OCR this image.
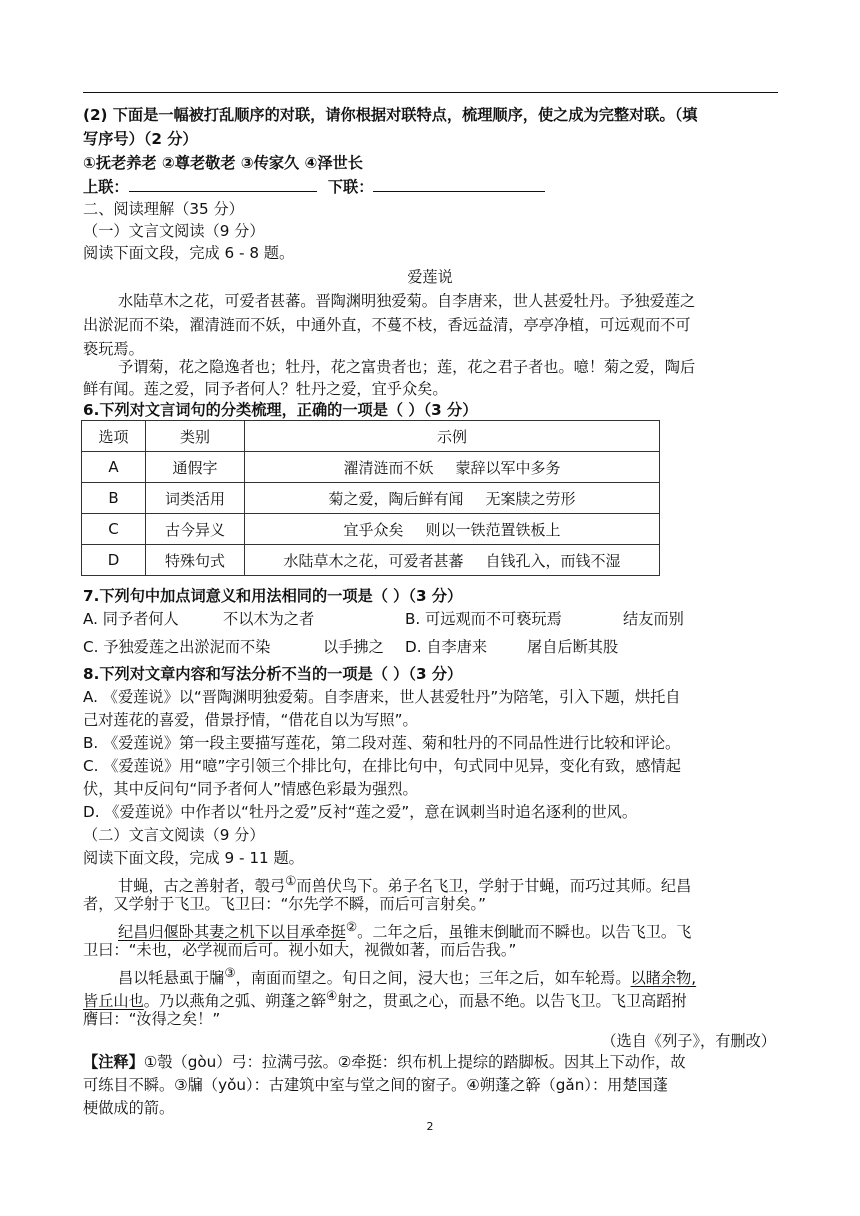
(2) 下面是一幅被打乱顺序的对联，请你根据对联特点，梳理顺序，使之成为完整对联。（填
写序号）（2 分）
①抚老养老 ②尊老敬老 ③传家久 ④泽世长
上联：	下联：
二、阅读理解（35 分）
（一）文言文阅读（9 分）
阅读下面文段，完成 6 - 8 题。
爱莲说
水陆草木之花，可爱者甚蕃。晋陶渊明独爱菊。自李唐来，世人甚爱牡丹。予独爱莲之
出淤泥而不染，濯清涟而不妖，中通外直，不蔓不枝，香远益清，亭亭净植，可远观而不可
亵玩焉。
予谓菊，花之隐逸者也；牡丹，花之富贵者也；莲，花之君子者也。噫！菊之爱，陶后
鲜有闻。莲之爱，同予者何人？牡丹之爱，宜乎众矣。
6.下列对文言词句的分类梳理，正确的一项是（ ）（3 分）
选项	类别	示例
A	通假字	濯清涟而不妖 蒙辞以军中多务
B	词类活用	菊之爱，陶后鲜有闻 无案牍之劳形
C	古今异义	宜乎众矣 则以一铁范置铁板上
D	特殊句式	水陆草木之花，可爱者甚蕃 自钱孔入，而钱不湿
7.下列句中加点词意义和用法相同的一项是（ ）（3 分）
A. 同予者何人	不以木为之者	B. 可远观而不可亵玩焉	结友而别
C. 予独爱莲之出淤泥而不染	以手拂之 D. 自李唐来	屠自后断其股
8.下列对文章内容和写法分析不当的一项是（ ）（3 分）
A. 《爱莲说》以“晋陶渊明独爱菊。自李唐来，世人甚爱牡丹”为陪笔，引入下题，烘托自
己对莲花的喜爱，借景抒情，“借花自以为写照”。
B. 《爱莲说》第一段主要描写莲花，第二段对莲、菊和牡丹的不同品性进行比较和评论。
C. 《爱莲说》用“噫”字引领三个排比句，在排比句中，句式同中见异，变化有致，感情起
伏，其中反问句“同予者何人”情感色彩最为强烈。
D. 《爱莲说》中作者以“牡丹之爱”反衬“莲之爱”，意在讽刺当时追名逐利的世风。
（二）文言文阅读（9 分）
阅读下面文段，完成 9 - 11 题。
甘蝇，古之善射者，彀弓①而兽伏鸟下。弟子名飞卫，学射于甘蝇，而巧过其师。纪昌
者，又学射于飞卫。飞卫曰：“尔先学不瞬，而后可言射矣。”
纪昌归偃卧其妻之机下以目承牵挺②。二年之后，虽锥末倒眦而不瞬也。以告飞卫。飞
卫曰：“未也，必学视而后可。视小如大，视微如著，而后告我。”
昌以牦悬虱于牖③，南面而望之。旬日之间，浸大也；三年之后，如车轮焉。以睹余物,
皆丘山也。乃以燕角之弧、朔蓬之簳④射之，贯虱之心，而悬不绝。以告飞卫。飞卫高蹈拊
膺曰：“汝得之矣！”
（选自《列子》，有删改）
【注释】①彀（gòu）弓：拉满弓弦。②牵挺：织布机上提综的踏脚板。因其上下动作，故
可练目不瞬。③牖（yǒu）：古建筑中室与堂之间的窗子。④朔蓬之簳（gǎn）：用楚国蓬
梗做成的箭。
2
